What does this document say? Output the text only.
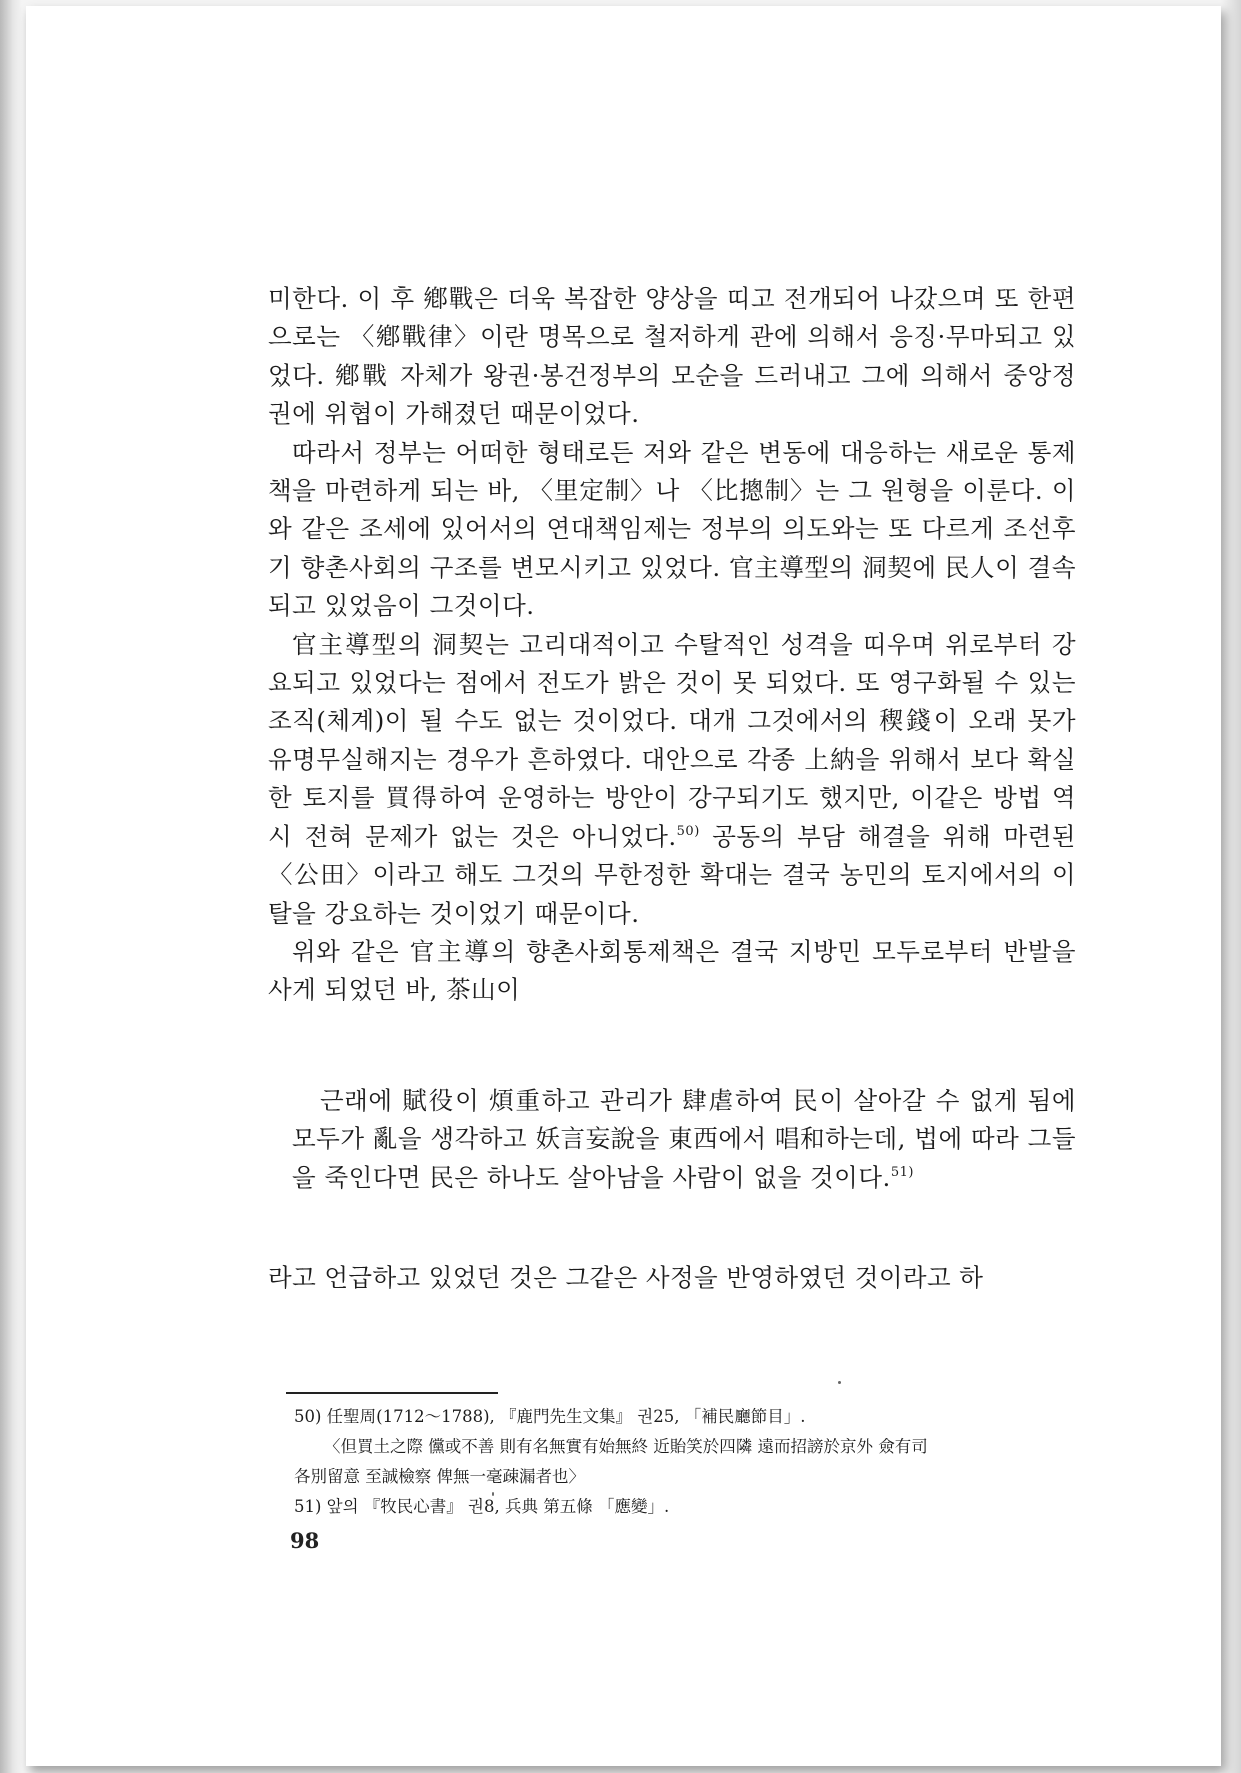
미한다. 이 후 鄕戰은 더욱 복잡한 양상을 띠고 전개되어 나갔으며 또 한편으로는 〈鄕戰律〉이란 명목으로 철저하게 관에 의해서 응징·무마되고 있었다. 鄕戰 자체가 왕권·봉건정부의 모순을 드러내고 그에 의해서 중앙정권에 위협이 가해졌던 때문이었다.

따라서 정부는 어떠한 형태로든 저와 같은 변동에 대응하는 새로운 통제책을 마련하게 되는 바, 〈里定制〉나 〈比摠制〉는 그 원형을 이룬다. 이와 같은 조세에 있어서의 연대책임제는 정부의 의도와는 또 다르게 조선후기 향촌사회의 구조를 변모시키고 있었다. 官主導型의 洞契에 民人이 결속되고 있었음이 그것이다.

官主導型의 洞契는 고리대적이고 수탈적인 성격을 띠우며 위로부터 강요되고 있었다는 점에서 전도가 밝은 것이 못 되었다. 또 영구화될 수 있는 조직(체계)이 될 수도 없는 것이었다. 대개 그것에서의 稧錢이 오래 못가 유명무실해지는 경우가 흔하였다. 대안으로 각종 上納을 위해서 보다 확실한 토지를 買得하여 운영하는 방안이 강구되기도 했지만, 이같은 방법 역시 전혀 문제가 없는 것은 아니었다.$^{50)}$ 공동의 부담 해결을 위해 마련된 〈公田〉이라고 해도 그것의 무한정한 확대는 결국 농민의 토지에서의 이탈을 강요하는 것이었기 때문이다.

위와 같은 官主導의 향촌사회통제책은 결국 지방민 모두로부터 반발을 사게 되었던 바, 茶山이

근래에 賦役이 煩重하고 관리가 肆虐하여 民이 살아갈 수 없게 됨에 모두가 亂을 생각하고 妖言妄說을 東西에서 唱和하는데, 법에 따라 그들을 죽인다면 民은 하나도 살아남을 사람이 없을 것이다.$^{51)}$

라고 언급하고 있었던 것은 그같은 사정을 반영하였던 것이라고 하

50) 任聖周(1712～1788), 『鹿門先生文集』 권25, 「補民廳節目」.

〈但買土之際 儻或不善 則有名無實有始無終 近貽笑於四隣 遠而招謗於京外 僉有司

各別留意 至誠檢察 俾無一毫疎漏者也〉

51) 앞의 『牧民心書』 권8, 兵典 第五條 「應變」.

98
